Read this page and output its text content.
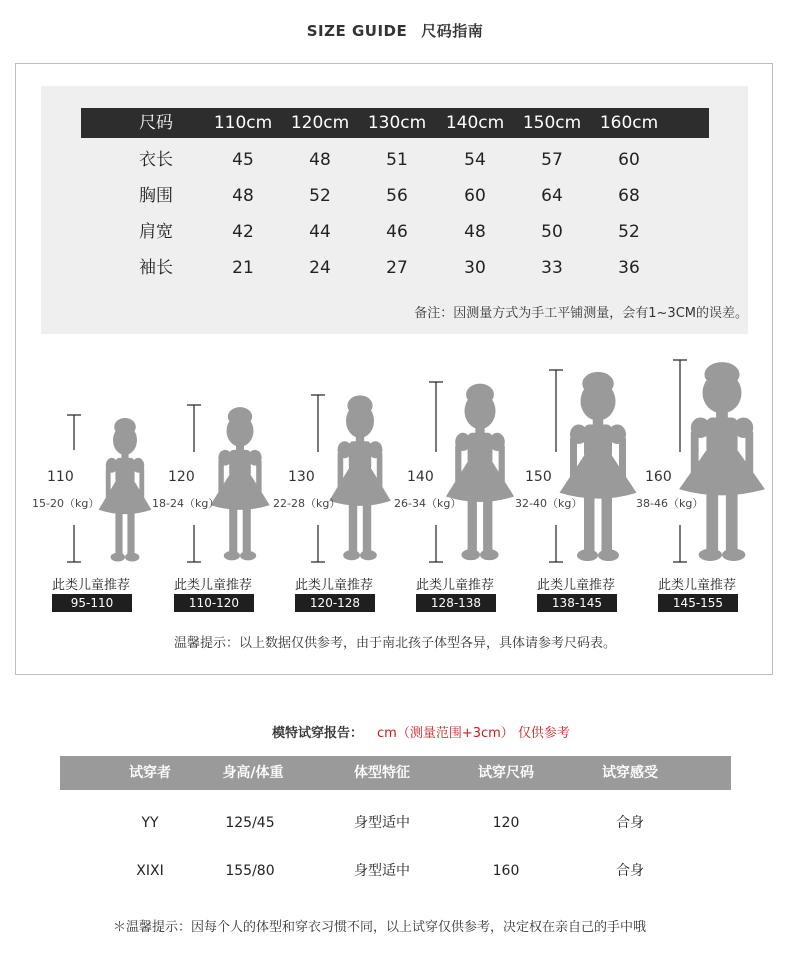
SIZE GUIDE 尺码指南
尺码	110cm	120cm	130cm	140cm	150cm	160cm
衣长	45	48	51	54	57	60
胸围	48	52	56	60	64	68
肩宽	42	44	46	48	50	52
袖长	21	24	27	30	33	36
备注：因测量方式为手工平铺测量，会有1~3CM的误差。
110
15-20（kg）
120
18-24（kg）
130
22-28（kg）
140
26-34（kg）
150
32-40（kg）
160
38-46（kg）
此类儿童推荐
95-110
此类儿童推荐
110-120
此类儿童推荐
120-128
此类儿童推荐
128-138
此类儿童推荐
138-145
此类儿童推荐
145-155
温馨提示：以上数据仅供参考，由于南北孩子体型各异，具体请参考尺码表。
模特试穿报告： cm（测量范围+3cm） 仅供参考
试穿者	身高/体重	体型特征	试穿尺码	试穿感受
YY	125/45	身型适中	120	合身
XIXI	155/80	身型适中	160	合身
＊温馨提示：因每个人的体型和穿衣习惯不同，以上试穿仅供参考，决定权在亲自己的手中哦
